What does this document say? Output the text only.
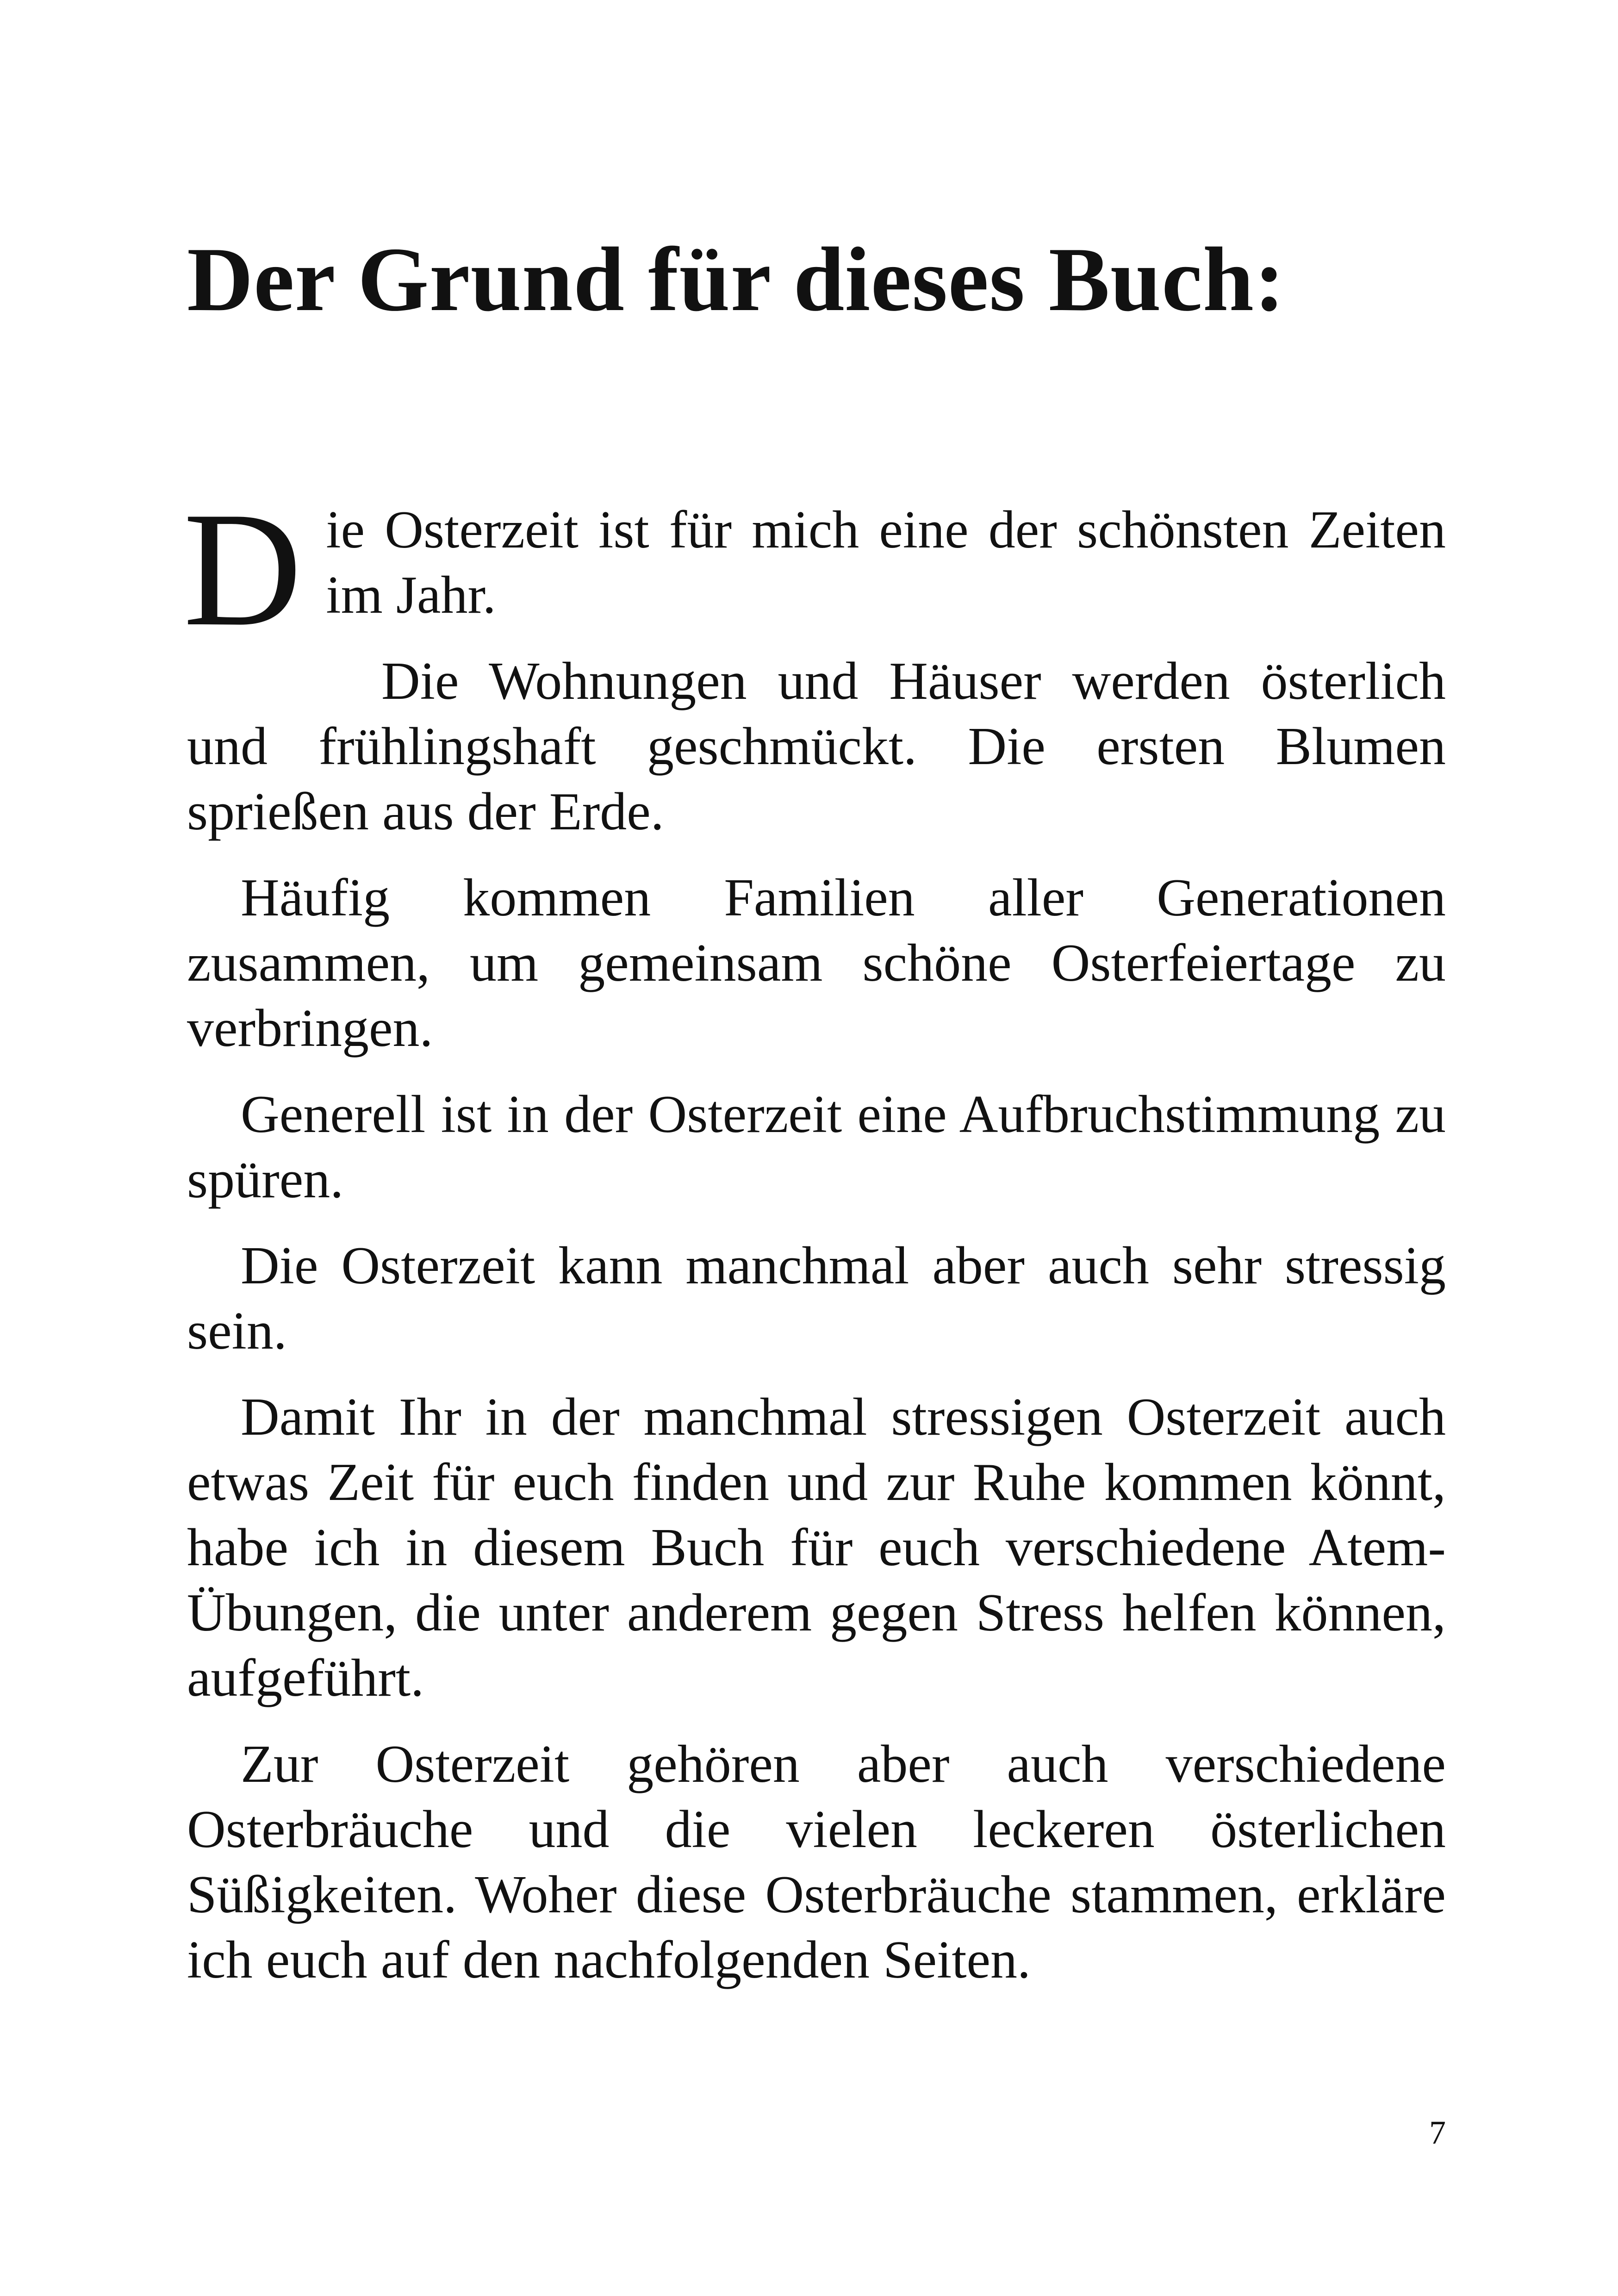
Der Grund für dieses Buch:

Die Osterzeit ist für mich eine der schönsten Zeiten im Jahr.

Die Wohnungen und Häuser werden österlich und frühlingshaft geschmückt. Die ersten Blumen sprießen aus der Erde.

Häufig kommen Familien aller Generationen zusammen, um gemeinsam schöne Osterfeiertage zu verbringen.

Generell ist in der Osterzeit eine Aufbruchstimmung zu spüren.

Die Osterzeit kann manchmal aber auch sehr stressig sein.

Damit Ihr in der manchmal stressigen Osterzeit auch etwas Zeit für euch finden und zur Ruhe kommen könnt, habe ich in diesem Buch für euch verschiedene Atem-Übungen, die unter anderem gegen Stress helfen können, aufgeführt.

Zur Osterzeit gehören aber auch verschiedene Osterbräuche und die vielen leckeren österlichen Süßigkeiten. Woher diese Osterbräuche stammen, erkläre ich euch auf den nachfolgenden Seiten.

7
